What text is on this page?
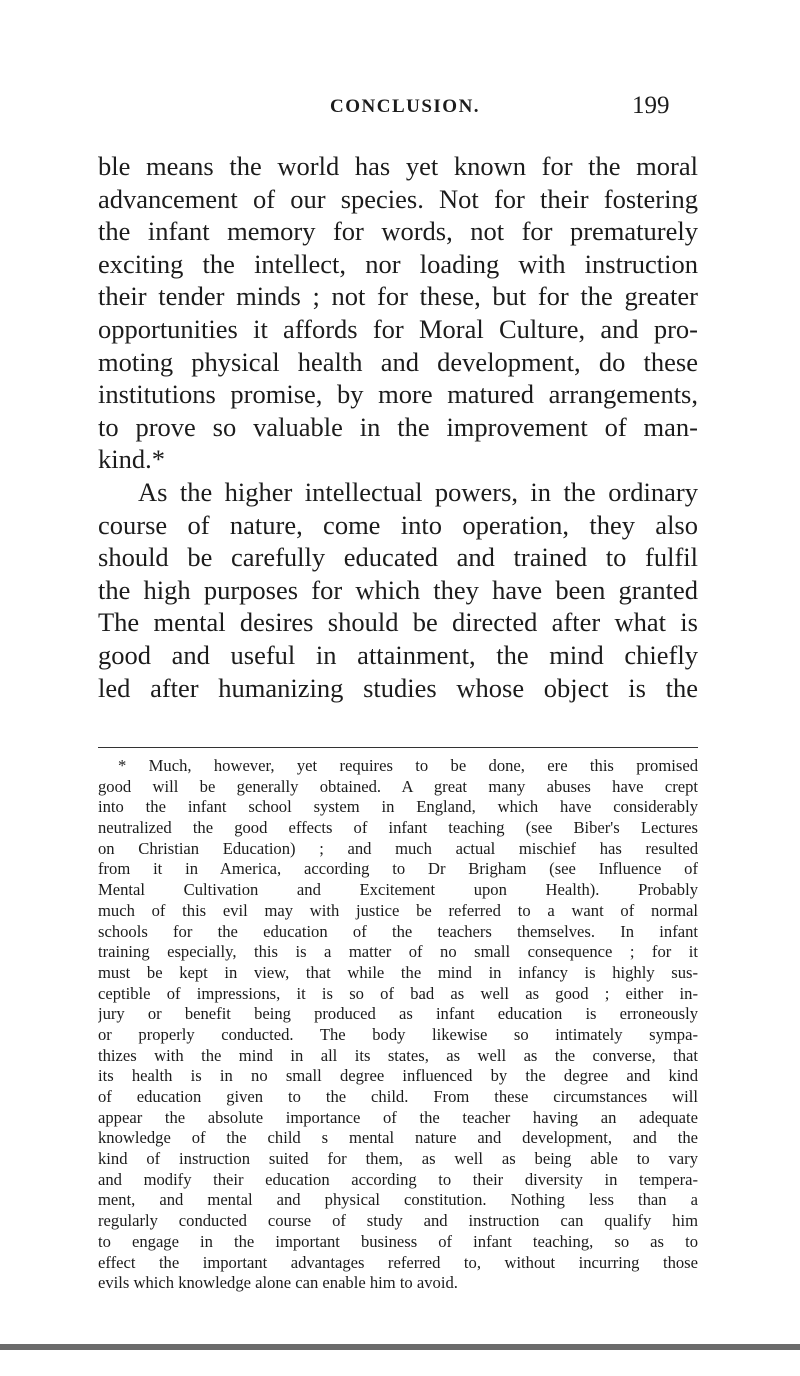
CONCLUSION.	199
ble means the world has yet known for the moral
advancement of our species. Not for their fostering
the infant memory for words, not for prematurely
exciting the intellect, nor loading with instruction
their tender minds ; not for these, but for the greater
opportunities it affords for Moral Culture, and pro-
moting physical health and development, do these
institutions promise, by more matured arrangements,
to prove so valuable in the improvement of man-
kind.*
As the higher intellectual powers, in the ordinary
course of nature, come into operation, they also
should be carefully educated and trained to fulfil
the high purposes for which they have been granted
The mental desires should be directed after what is
good and useful in attainment, the mind chiefly
led after humanizing studies whose object is the
* Much, however, yet requires to be done, ere this promised
good will be generally obtained. A great many abuses have crept
into the infant school system in England, which have considerably
neutralized the good effects of infant teaching (see Biber's Lectures
on Christian Education) ; and much actual mischief has resulted
from it in America, according to Dr Brigham (see Influence of
Mental Cultivation and Excitement upon Health). Probably
much of this evil may with justice be referred to a want of normal
schools for the education of the teachers themselves. In infant
training especially, this is a matter of no small consequence ; for it
must be kept in view, that while the mind in infancy is highly sus-
ceptible of impressions, it is so of bad as well as good ; either in-
jury or benefit being produced as infant education is erroneously
or properly conducted. The body likewise so intimately sympa-
thizes with the mind in all its states, as well as the converse, that
its health is in no small degree influenced by the degree and kind
of education given to the child. From these circumstances will
appear the absolute importance of the teacher having an adequate
knowledge of the child s mental nature and development, and the
kind of instruction suited for them, as well as being able to vary
and modify their education according to their diversity in tempera-
ment, and mental and physical constitution. Nothing less than a
regularly conducted course of study and instruction can qualify him
to engage in the important business of infant teaching, so as to
effect the important advantages referred to, without incurring those
evils which knowledge alone can enable him to avoid.
